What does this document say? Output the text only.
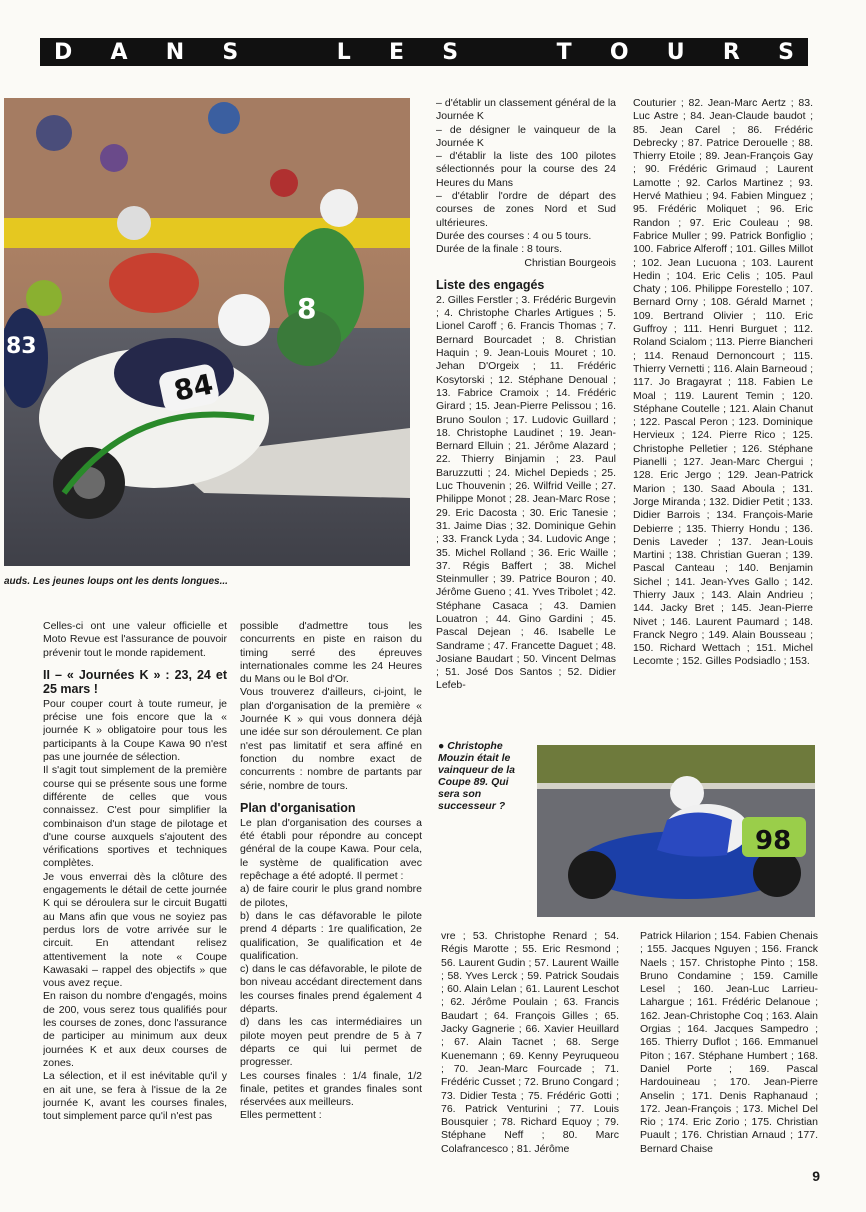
D A N S	L E S	T O U R S
8
83
84
auds. Les jeunes loups ont les dents longues...

Celles-ci ont une valeur officielle et Moto Revue est l'assurance de pouvoir prévenir tout le monde rapidement.

II – « Journées K » : 23, 24 et 25 mars !

Pour couper court à toute rumeur, je précise une fois encore que la « journée K » obligatoire pour tous les participants à la Coupe Kawa 90 n'est pas une journée de sélection.

Il s'agit tout simplement de la première course qui se présente sous une forme différente de celles que vous connaissez. C'est pour simplifier la combinaison d'un stage de pilotage et d'une course auxquels s'ajoutent des vérifications sportives et techniques complètes.

Je vous enverrai dès la clôture des engagements le détail de cette journée K qui se déroulera sur le circuit Bugatti au Mans afin que vous ne soyiez pas perdus lors de votre arrivée sur le circuit. En attendant relisez attentivement la note « Coupe Kawasaki – rappel des objectifs » que vous avez reçue.

En raison du nombre d'engagés, moins de 200, vous serez tous qualifiés pour les courses de zones, donc l'assurance de participer au minimum aux deux journées K et aux deux courses de zones.

La sélection, et il est inévitable qu'il y en ait une, se fera à l'issue de la 2e journée K, avant les courses finales, tout simplement parce qu'il n'est pas

possible d'admettre tous les concurrents en piste en raison du timing serré des épreuves internationales comme les 24 Heures du Mans ou le Bol d'Or.

Vous trouverez d'ailleurs, ci-joint, le plan d'organisation de la première « Journée K » qui vous donnera déjà une idée sur son déroulement. Ce plan n'est pas limitatif et sera affiné en fonction du nombre exact de concurrents : nombre de partants par série, nombre de tours.

Plan d'organisation

Le plan d'organisation des courses a été établi pour répondre au concept général de la coupe Kawa. Pour cela, le système de qualification avec repêchage a été adopté. Il permet :

a) de faire courir le plus grand nombre de pilotes,

b) dans le cas défavorable le pilote prend 4 départs : 1re qualification, 2e qualification, 3e qualification et 4e qualification.

c) dans le cas défavorable, le pilote de bon niveau accédant directement dans les courses finales prend également 4 départs.

d) dans les cas intermédiaires un pilote moyen peut prendre de 5 à 7 départs ce qui lui permet de progresser.

Les courses finales : 1/4 finale, 1/2 finale, petites et grandes finales sont réservées aux meilleurs.

Elles permettent :

– d'établir un classement général de la Journée K

– de désigner le vainqueur de la Journée K

– d'établir la liste des 100 pilotes sélectionnés pour la course des 24 Heures du Mans

– d'établir l'ordre de départ des courses de zones Nord et Sud ultérieures.

Durée des courses : 4 ou 5 tours.

Durée de la finale : 8 tours.

Christian Bourgeois

Liste des engagés

2. Gilles Ferstler ; 3. Frédéric Burgevin ; 4. Christophe Charles Artigues ; 5. Lionel Caroff ; 6. Francis Thomas ; 7. Bernard Bourcadet ; 8. Christian Haquin ; 9. Jean-Louis Mouret ; 10. Jehan D'Orgeix ; 11. Frédéric Kosytorski ; 12. Stéphane Denoual ; 13. Fabrice Cramoix ; 14. Frédéric Girard ; 15. Jean-Pierre Pelissou ; 16. Bruno Soulon ; 17. Ludovic Guillard ; 18. Christophe Laudinet ; 19. Jean-Bernard Elluin ; 21. Jérôme Alazard ; 22. Thierry Binjamin ; 23. Paul Baruzzutti ; 24. Michel Depieds ; 25. Luc Thouvenin ; 26. Wilfrid Veille ; 27. Philippe Monot ; 28. Jean-Marc Rose ; 29. Eric Dacosta ; 30. Eric Tanesie ; 31. Jaime Dias ; 32. Dominique Gehin ; 33. Franck Lyda ; 34. Ludovic Ange ; 35. Michel Rolland ; 36. Eric Waille ; 37. Régis Baffert ; 38. Michel Steinmuller ; 39. Patrice Bouron ; 40. Jérôme Gueno ; 41. Yves Tribolet ; 42. Stéphane Casaca ; 43. Damien Louatron ; 44. Gino Gardini ; 45. Pascal Dejean ; 46. Isabelle Le Sandrame ; 47. Francette Daguet ; 48. Josiane Baudart ; 50. Vincent Delmas ; 51. José Dos Santos ; 52. Didier Lefeb-

Couturier ; 82. Jean-Marc Aertz ; 83. Luc Astre ; 84. Jean-Claude baudot ; 85. Jean Carel ; 86. Frédéric Debrecky ; 87. Patrice Derouelle ; 88. Thierry Etoile ; 89. Jean-François Gay ; 90. Frédéric Grimaud ; Laurent Lamotte ; 92. Carlos Martinez ; 93. Hervé Mathieu ; 94. Fabien Minguez ; 95. Frédéric Moliquet ; 96. Eric Randon ; 97. Eric Couleau ; 98. Fabrice Muller ; 99. Patrick Bonfiglio ; 100. Fabrice Alferoff ; 101. Gilles Millot ; 102. Jean Lucuona ; 103. Laurent Hedin ; 104. Eric Celis ; 105. Paul Chaty ; 106. Philippe Forestello ; 107. Bernard Orny ; 108. Gérald Marnet ; 109. Bertrand Olivier ; 110. Eric Guffroy ; 111. Henri Burguet ; 112. Roland Scialom ; 113. Pierre Biancheri ; 114. Renaud Dernoncourt ; 115. Thierry Vernetti ; 116. Alain Barneoud ; 117. Jo Bragayrat ; 118. Fabien Le Moal ; 119. Laurent Temin ; 120. Stéphane Coutelle ; 121. Alain Chanut ; 122. Pascal Peron ; 123. Dominique Hervieux ; 124. Pierre Rico ; 125. Christophe Pelletier ; 126. Stéphane Pianelli ; 127. Jean-Marc Chergui ; 128. Eric Jergo ; 129. Jean-Patrick Marion ; 130. Saad Aboula ; 131. Jorge Miranda ; 132. Didier Petit ; 133. Didier Barrois ; 134. François-Marie Debierre ; 135. Thierry Hondu ; 136. Denis Laveder ; 137. Jean-Louis Martini ; 138. Christian Gueran ; 139. Pascal Canteau ; 140. Benjamin Sichel ; 141. Jean-Yves Gallo ; 142. Thierry Jaux ; 143. Alain Andrieu ; 144. Jacky Bret ; 145. Jean-Pierre Nivet ; 146. Laurent Paumard ; 148. Franck Negro ; 149. Alain Bousseau ; 150. Richard Wettach ; 151. Michel Lecomte ; 152. Gilles Podsiadlo ; 153.

● Christophe Mouzin était le vainqueur de la Coupe 89. Qui sera son successeur ?
98

vre ; 53. Christophe Renard ; 54. Régis Marotte ; 55. Eric Resmond ; 56. Laurent Gudin ; 57. Laurent Waille ; 58. Yves Lerck ; 59. Patrick Soudais ; 60. Alain Lelan ; 61. Laurent Leschot ; 62. Jérôme Poulain ; 63. Francis Baudart ; 64. François Gilles ; 65. Jacky Gagnerie ; 66. Xavier Heuillard ; 67. Alain Tacnet ; 68. Serge Kuenemann ; 69. Kenny Peyruqueou ; 70. Jean-Marc Fourcade ; 71. Frédéric Cusset ; 72. Bruno Congard ; 73. Didier Testa ; 75. Frédéric Gotti ; 76. Patrick Venturini ; 77. Louis Bousquier ; 78. Richard Equoy ; 79. Stéphane Neff ; 80. Marc Colafrancesco ; 81. Jérôme

Patrick Hilarion ; 154. Fabien Chenais ; 155. Jacques Nguyen ; 156. Franck Naels ; 157. Christophe Pinto ; 158. Bruno Condamine ; 159. Camille Lesel ; 160. Jean-Luc Larrieu-Lahargue ; 161. Frédéric Delanoue ; 162. Jean-Christophe Coq ; 163. Alain Orgias ; 164. Jacques Sampedro ; 165. Thierry Duflot ; 166. Emmanuel Piton ; 167. Stéphane Humbert ; 168. Daniel Porte ; 169. Pascal Hardouineau ; 170. Jean-Pierre Anselin ; 171. Denis Raphanaud ; 172. Jean-François ; 173. Michel Del Rio ; 174. Eric Zorio ; 175. Christian Puault ; 176. Christian Arnaud ; 177. Bernard Chaise

9
